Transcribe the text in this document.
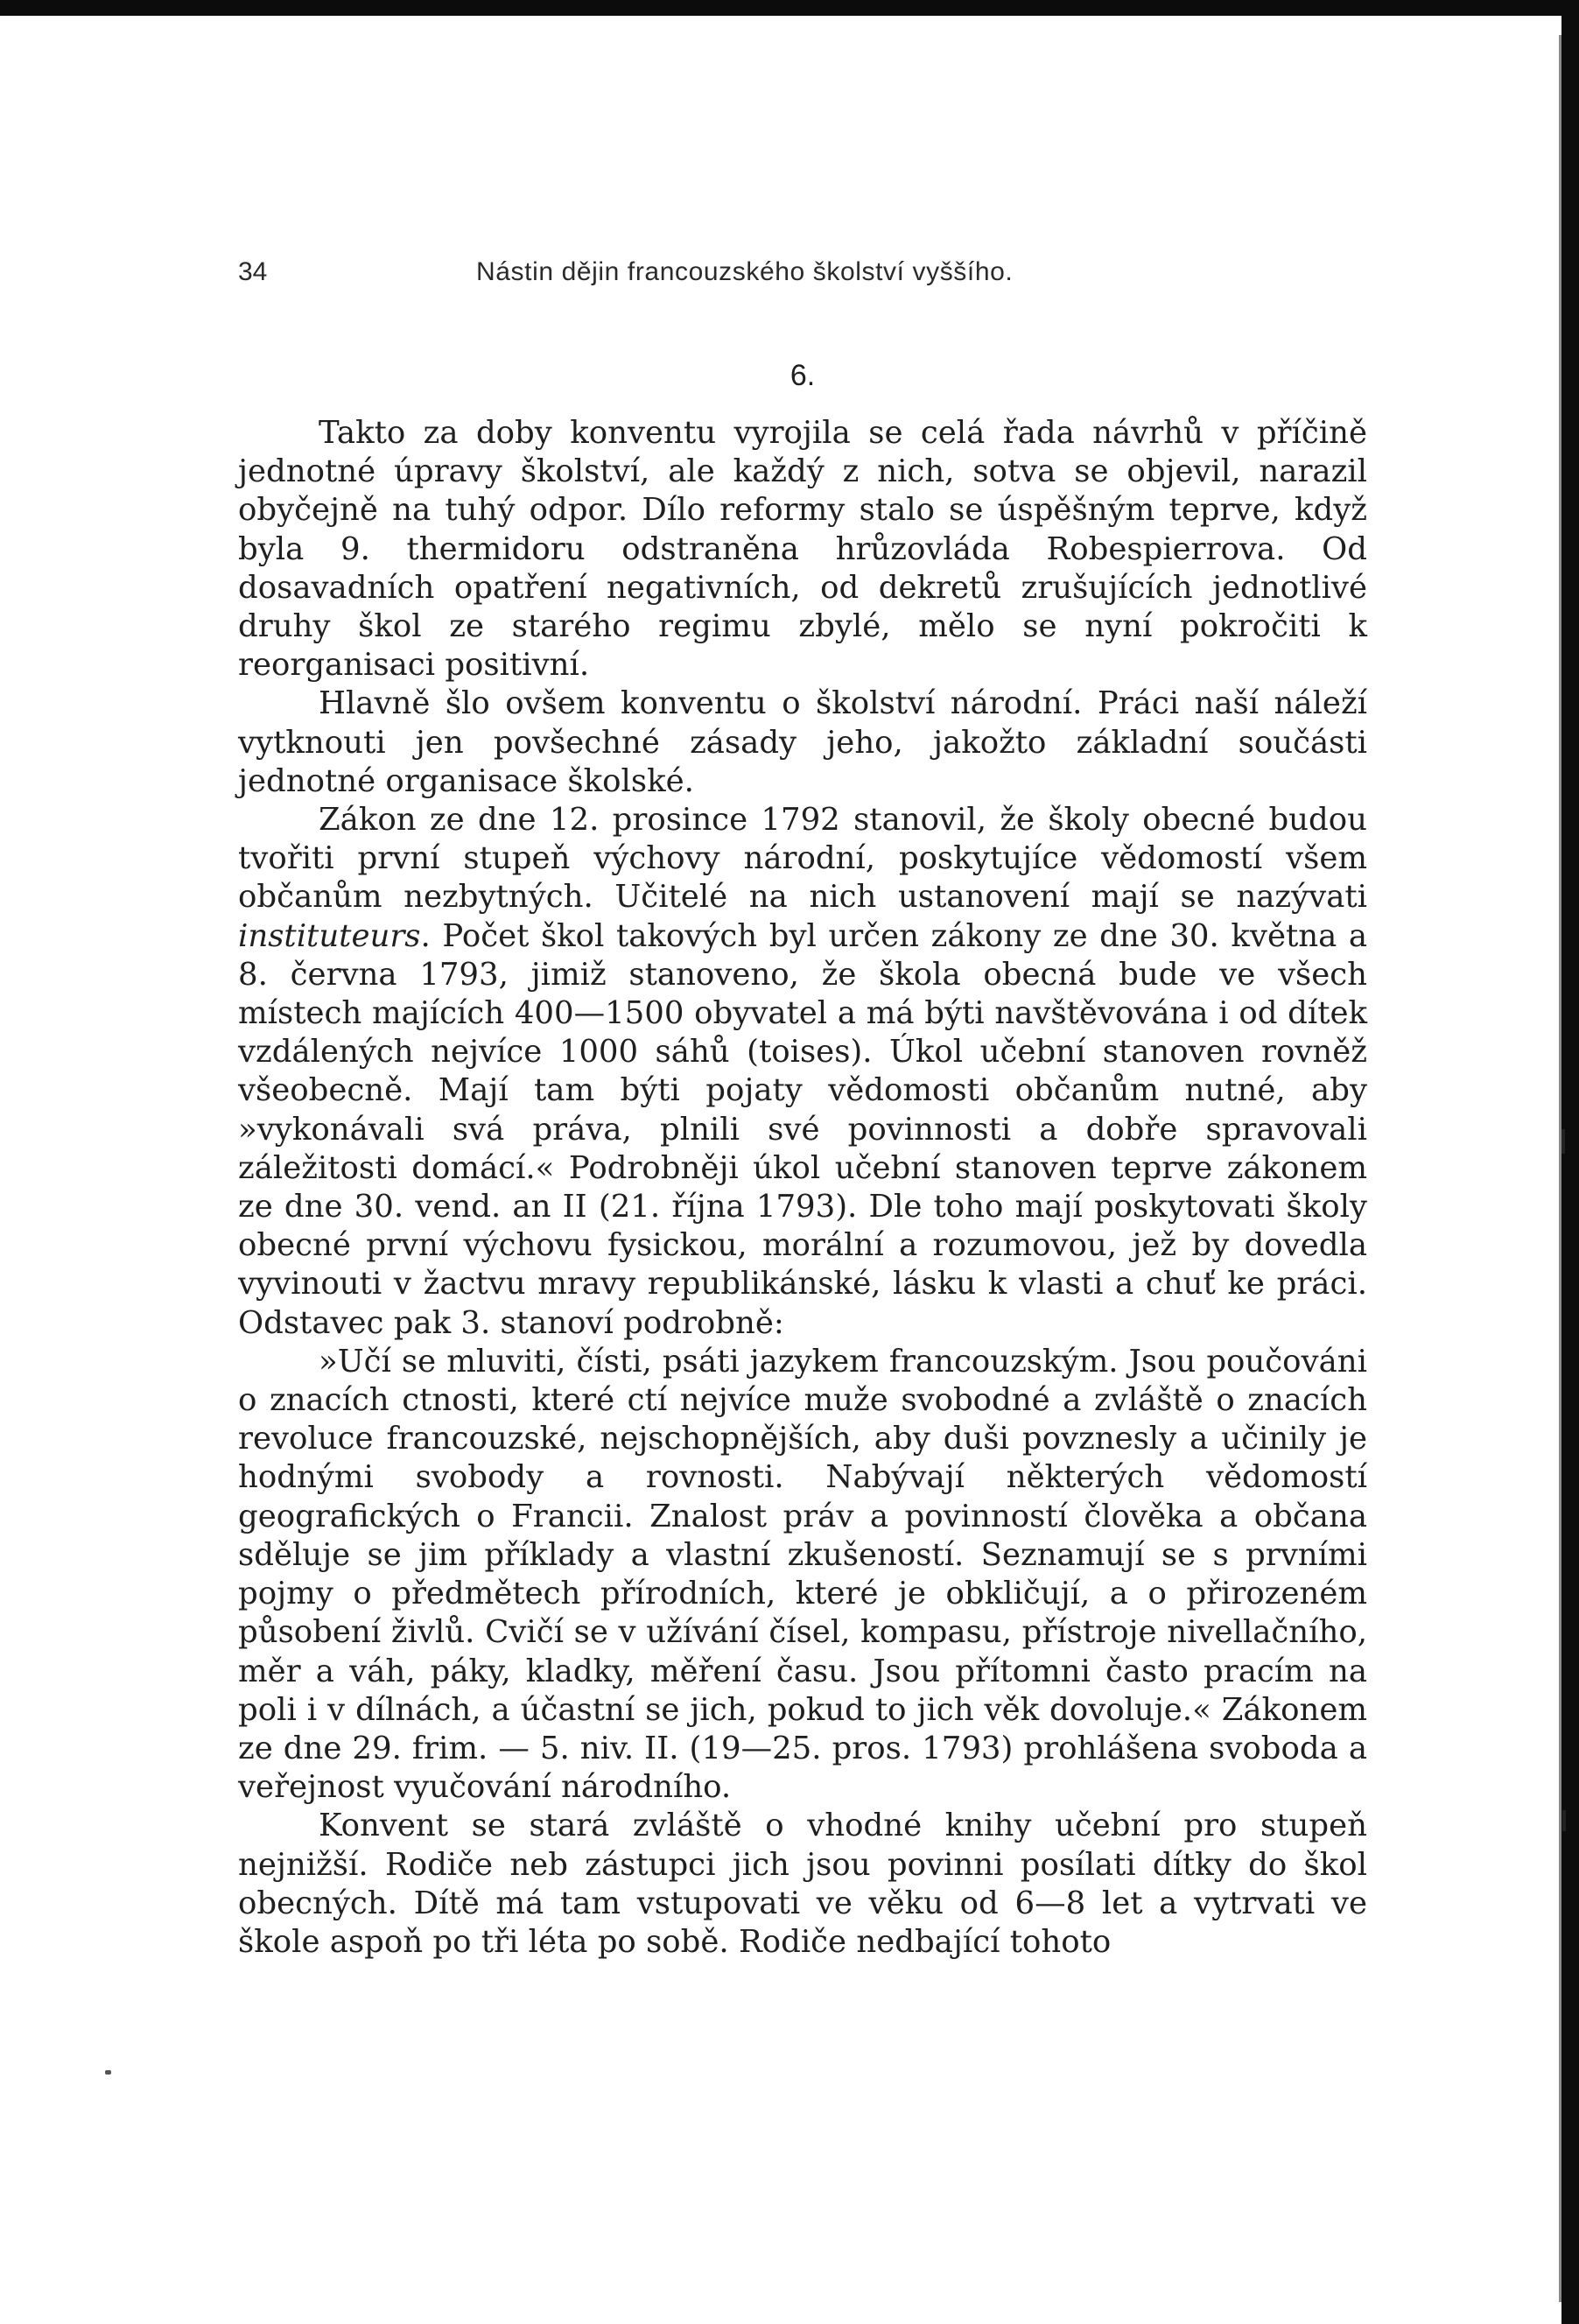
34	Nástin dějin francouzského školství vyššího.
6.

Takto za doby konventu vyrojila se celá řada návrhů v příčině jednotné úpravy školství, ale každý z nich, sotva se objevil, narazil obyčejně na tuhý odpor. Dílo reformy stalo se úspěšným teprve, když byla 9. thermidoru odstraněna hrůzovláda Robespierrova. Od dosavadních opatření negativních, od dekretů zrušujících jednotlivé druhy škol ze starého regimu zbylé, mělo se nyní pokročiti k reorganisaci positivní.

Hlavně šlo ovšem konventu o školství národní. Práci naší náleží vytknouti jen povšechné zásady jeho, jakožto základní součásti jednotné organisace školské.

Zákon ze dne 12. prosince 1792 stanovil, že školy obecné budou tvořiti první stupeň výchovy národní, poskytujíce vědomostí všem občanům nezbytných. Učitelé na nich ustanovení mají se nazývati instituteurs. Počet škol takových byl určen zákony ze dne 30. května a 8. června 1793, jimiž stanoveno, že škola obecná bude ve všech místech majících 400—1500 obyvatel a má býti navštěvována i od dítek vzdálených nejvíce 1000 sáhů (toises). Úkol učební stanoven rovněž všeobecně. Mají tam býti pojaty vědomosti občanům nutné, aby »vykonávali svá práva, plnili své povinnosti a dobře spravovali záležitosti domácí.« Podrobněji úkol učební stanoven teprve zákonem ze dne 30. vend. an II (21. října 1793). Dle toho mají poskytovati školy obecné první výchovu fysickou, morální a rozumovou, jež by dovedla vyvinouti v žactvu mravy republikánské, lásku k vlasti a chuť ke práci. Odstavec pak 3. stanoví podrobně:

»Učí se mluviti, čísti, psáti jazykem francouzským. Jsou poučováni o znacích ctnosti, které ctí nejvíce muže svobodné a zvláště o znacích revoluce francouzské, nejschopnějších, aby duši povznesly a učinily je hodnými svobody a rovnosti. Nabývají některých vědomostí geografických o Francii. Znalost práv a povinností člověka a občana sděluje se jim příklady a vlastní zkušeností. Seznamují se s prvními pojmy o předmětech přírodních, které je obkličují, a o přirozeném působení živlů. Cvičí se v užívání čísel, kompasu, přístroje nivellačního, měr a váh, páky, kladky, měření času. Jsou přítomni často pracím na poli i v dílnách, a účastní se jich, pokud to jich věk dovoluje.« Zákonem ze dne 29. frim. — 5. niv. II. (19—25. pros. 1793) prohlášena svoboda a veřejnost vyučování národního.

Konvent se stará zvláště o vhodné knihy učební pro stupeň nejnižší. Rodiče neb zástupci jich jsou povinni posílati dítky do škol obecných. Dítě má tam vstupovati ve věku od 6—8 let a vytrvati ve škole aspoň po tři léta po sobě. Rodiče nedbající tohoto
